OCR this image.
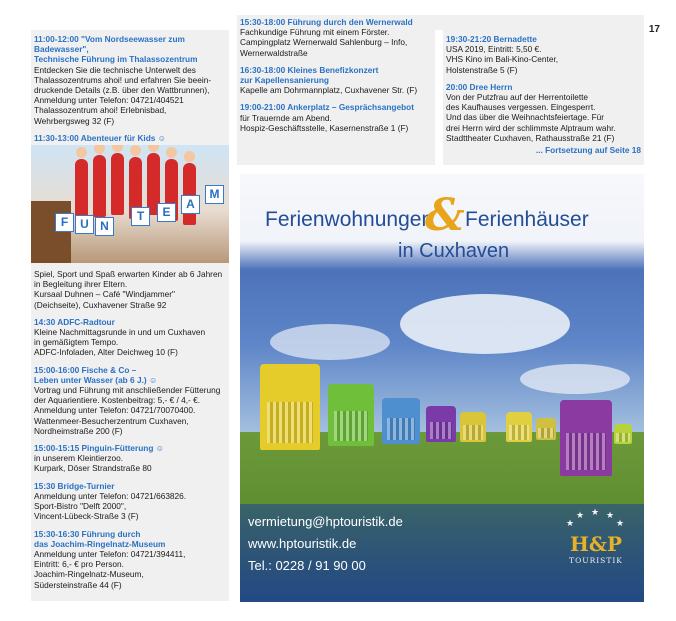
17
11:00-12:00 "Vom Nordseewasser zum Badewasser",
Technische Führung im Thalassozentrum
Entdecken Sie die technische Unterwelt des
Thalassozentrums ahoi! und erfahren Sie beein-
druckende Details (z.B. über den Wattbrunnen),
Anmeldung unter Telefon: 04721/404521
Thalassozentrum ahoi! Erlebnisbad,
Wehrbergsweg 32 (F)
11:30-13:00 Abenteuer für Kids ☺
F U N
T	E
A
M
Spiel, Sport und Spaß erwarten Kinder ab 6 Jahren
in Begleitung ihrer Eltern.
Kursaal Duhnen – Café "Windjammer"
(Deichseite), Cuxhavener Straße 92
14:30 ADFC-Radtour
Kleine Nachmittagsrunde in und um Cuxhaven
in gemäßigtem Tempo.
ADFC-Infoladen, Alter Deichweg 10 (F)
15:00-16:00 Fische & Co –
Leben unter Wasser (ab 6 J.) ☺
Vortrag und Führung mit anschließender Fütterung
der Aquarientiere. Kostenbeitrag: 5,- € / 4,- €.
Anmeldung unter Telefon: 04721/70070400.
Wattenmeer-Besucherzentrum Cuxhaven,
Nordheimstraße 200 (F)
15:00-15:15 Pinguin-Fütterung ☺
in unserem Kleintierzoo.
Kurpark, Döser Strandstraße 80
15:30 Bridge-Turnier
Anmeldung unter Telefon: 04721/663826.
Sport-Bistro "Delft 2000",
Vincent-Lübeck-Straße 3 (F)
15:30-16:30 Führung durch
das Joachim-Ringelnatz-Museum
Anmeldung unter Telefon: 04721/394411,
Eintritt: 6,- € pro Person.
Joachim-Ringelnatz-Museum,
Südersteinstraße 44 (F)
15:30-18:00 Führung durch den Wernerwald
Fachkundige Führung mit einem Förster.
Campingplatz Wernerwald Sahlenburg – Info,
Wernerwaldstraße
16:30-18:00 Kleines Benefizkonzert
zur Kapellensanierung
Kapelle am Dohrmannplatz, Cuxhavener Str. (F)
19:00-21:00 Ankerplatz – Gesprächsangebot
für Trauernde am Abend.
Hospiz-Geschäftsstelle, Kasernenstraße 1 (F)
19:30-21:20 Bernadette
USA 2019, Eintritt: 5,50 €.
VHS Kino im Bali-Kino-Center,
Holstenstraße 5 (F)
20:00 Dree Herrn
Von der Putzfrau auf der Herrentoilette
des Kaufhauses vergessen. Eingesperrt.
Und das über die Weihnachtsfeiertage. Für
drei Herrn wird der schlimmste Alptraum wahr.
Stadttheater Cuxhaven, Rathausstraße 21 (F)
... Fortsetzung auf Seite 18
Ferienwohnungen
& Ferienhäuser
in Cuxhaven
vermietung@hptouristik.de
www.hptouristik.de
Tel.: 0228 / 91 90 00
★ ★ ★
★	★
H&P
TOURISTIK
